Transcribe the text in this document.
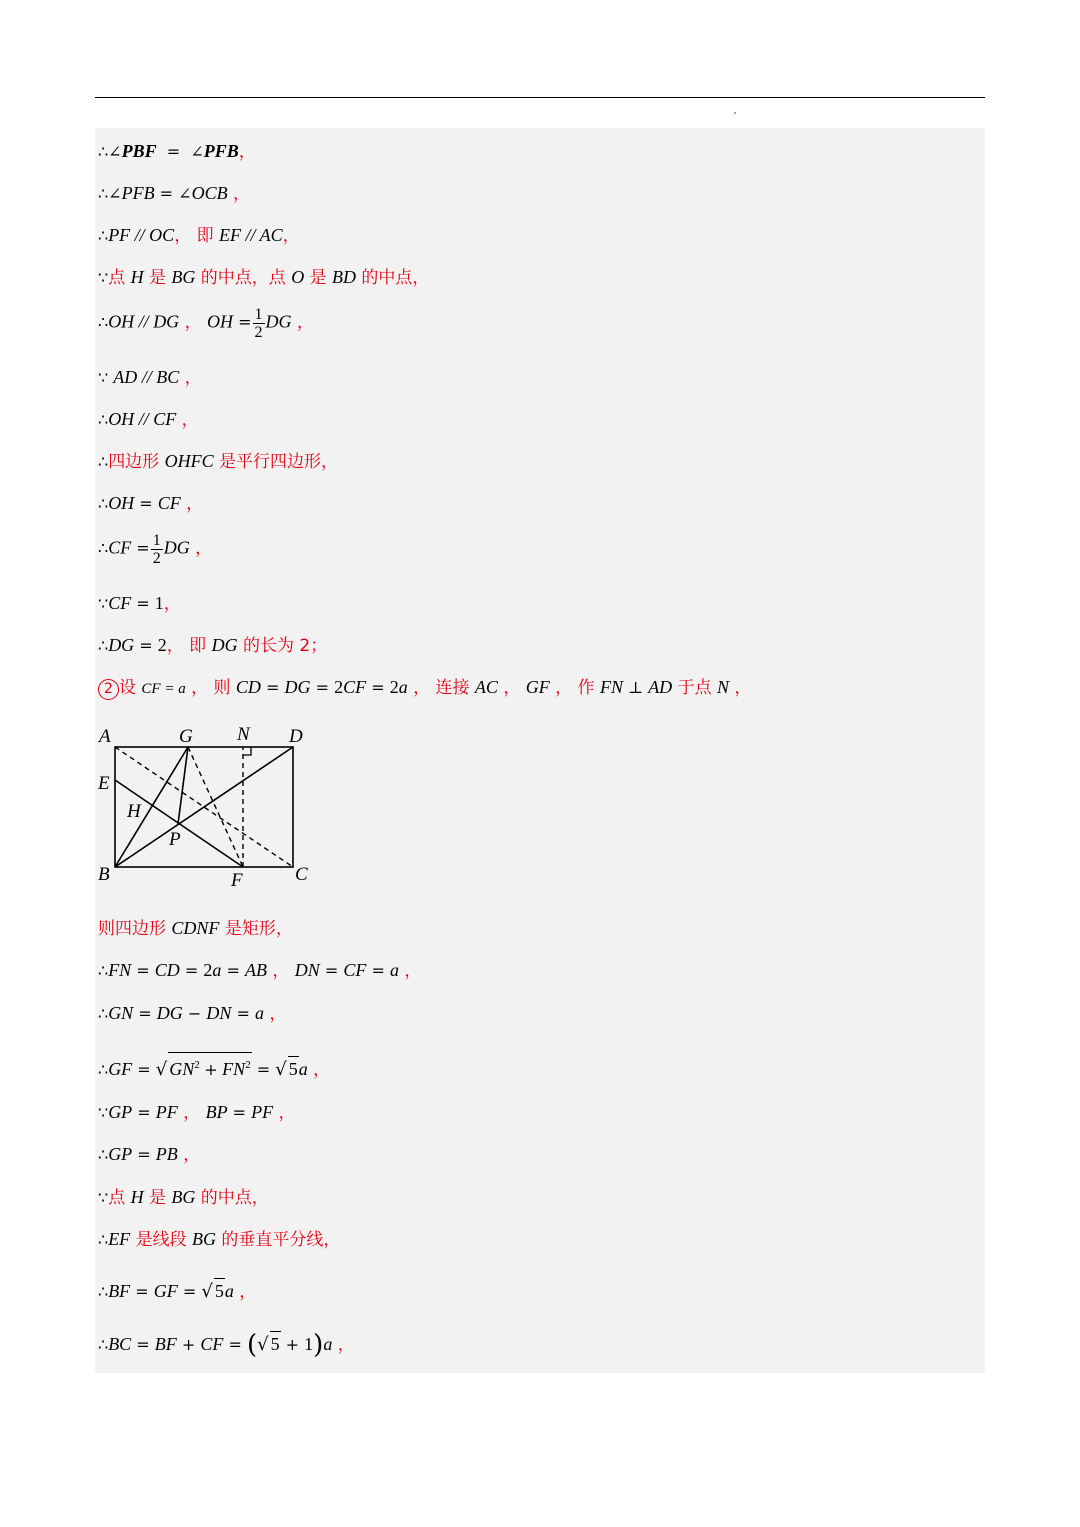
∴∠PBF  =  ∠PFB，
∴∠PFB = ∠OCB ，
∴PF // OC， 即 EF // AC，
∵点 H 是 BG 的中点，点 O 是 BD 的中点，
∴OH // DG ， OH = $\frac{1}{2}$ DG ，
∵ AD // BC ，
∴OH // CF ，
∴四边形 OHFC 是平行四边形，
∴OH = CF ，
∴CF = $\frac{1}{2}$ DG ，
∵CF = 1，
∴DG = 2， 即 DG 的长为 2；
2 设 CF = a ， 则 CD = DG = 2CF = 2a ， 连接 AC ， GF ， 作 FN ⊥ AD 于点 N ，
A	G N D
E
H
P
B	F	C
则四边形 CDNF 是矩形，
∴FN = CD = 2a = AB ， DN = CF = a ，
∴GN = DG − DN = a ，
∴GF = √ $GN^2 + FN^2$ = √ 5a ，
∵GP = PF ， BP = PF ，
∴GP = PB ，
∵点 H 是 BG 的中点，
∴EF 是线段 BG 的垂直平分线，
∴BF = GF = √ 5a ，
∴BC = BF + CF = (√ 5 + 1)a ，
